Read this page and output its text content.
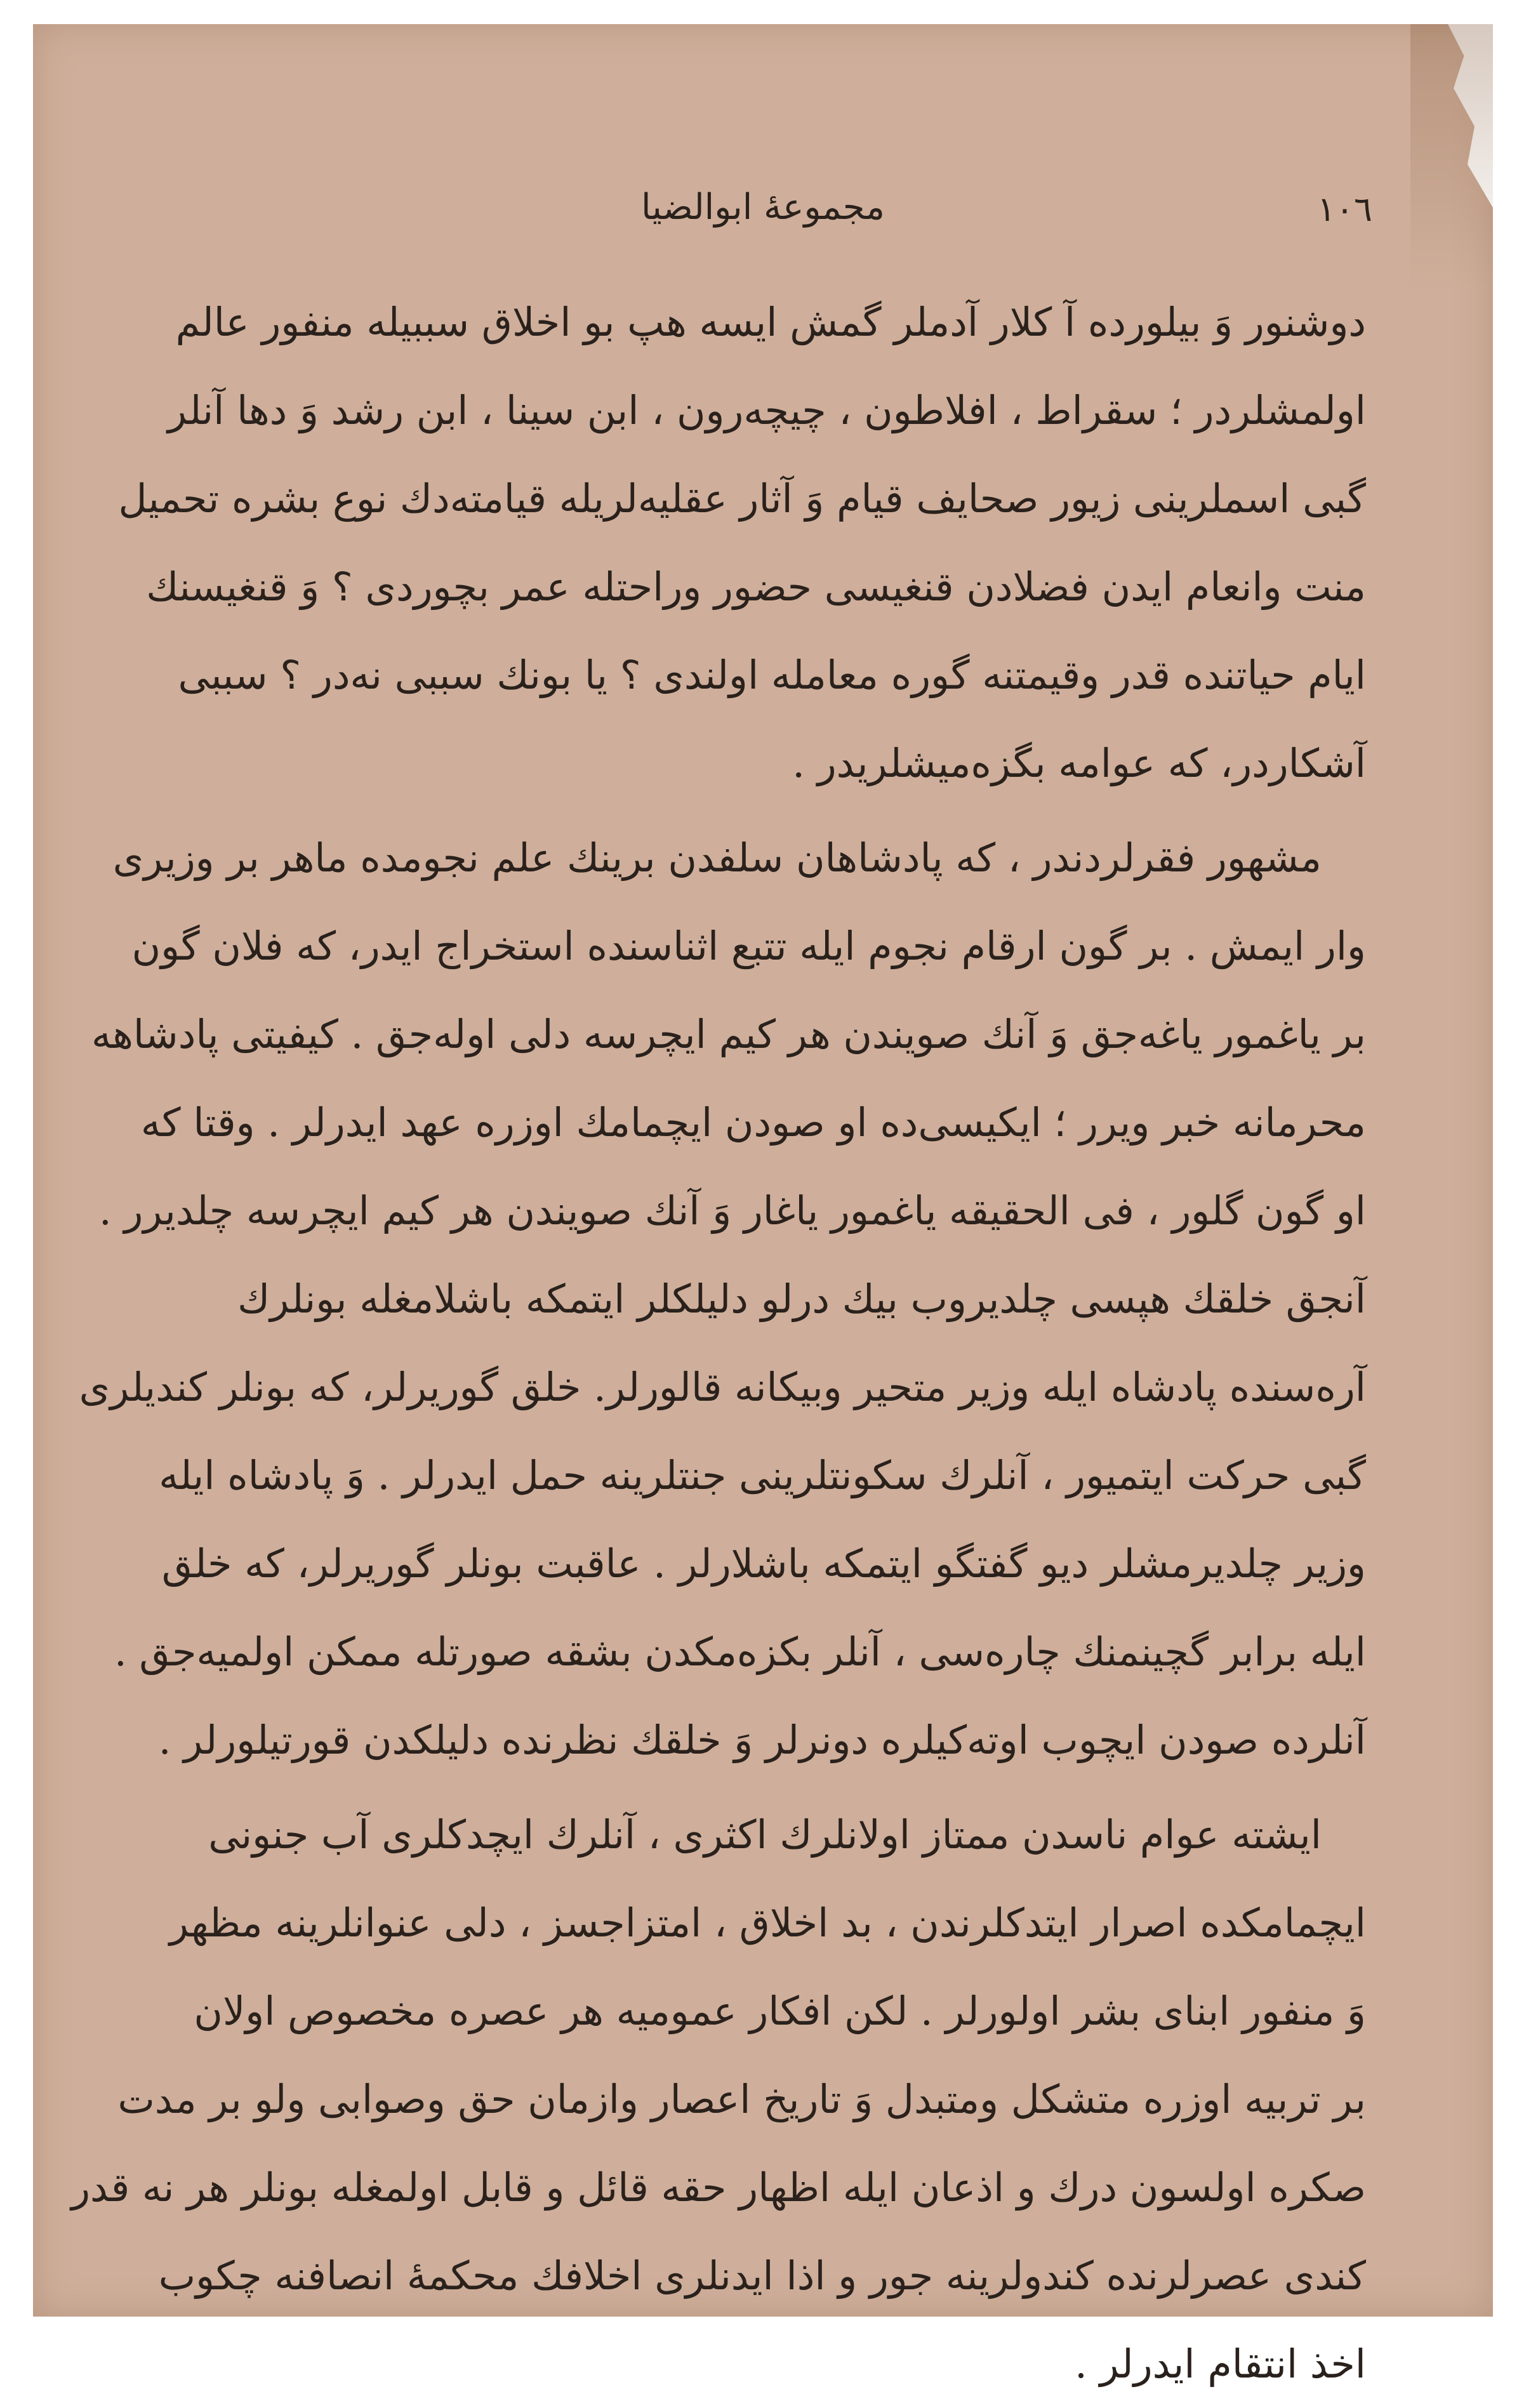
١٠٦
مجموعهٔ ابوالضیا

دوشنور وَ بیلورده آ کلار آدملر گمش ایسه هپ بو اخلاق سببیله منفور عالم
اولمشلردر ؛ سقراط ، افلاطون ، چیچه‌رون ، ابن سینا ، ابن رشد وَ دها آنلر
گبی اسملرینی زیور صحایف قیام وَ آثار عقلیه‌لریله قیامته‌دك نوع بشره تحمیل
منت وانعام ایدن فضلادن قنغیسی حضور وراحتله عمر بچوردی ؟ وَ قنغیسنك
ایام حیاتنده قدر وقیمتنه گوره معامله اولندی ؟ یا بونك سببی نه‌در ؟ سببی
آشکاردر، که عوامه بگزه‌میشلریدر .

مشهور فقرلردندر ، که پادشاهان سلفدن برینك علم نجومده ماهر بر وزیری
وار ایمش . بر گون ارقام نجوم ایله تتبع اثناسنده استخراج ایدر، که فلان گون
بر یاغمور یاغه‌جق وَ آنك صویندن هر کیم ایچرسه دلی اوله‌جق . کیفیتی پادشاهه
محرمانه خبر ویرر ؛ ایکیسی‌ده او صودن ایچمامك اوزره عهد ایدرلر . وقتا که
او گون گلور ، فی الحقیقه یاغمور یاغار وَ آنك صویندن هر کیم ایچرسه چلدیرر .
آنجق خلقك هپسی چلدیروب بیك درلو دلیلکلر ایتمکه باشلامغله بونلرك
آره‌سنده پادشاه ایله وزیر متحیر وبیکانه قالورلر. خلق گوریرلر، که بونلر کندیلری
گبی حرکت ایتمیور ، آنلرك سکونتلرینی جنتلرینه حمل ایدرلر . وَ پادشاه ایله
وزیر چلدیرمشلر دیو گفتگو ایتمکه باشلارلر . عاقبت بونلر گوریرلر، که خلق
ایله برابر گچینمنك چاره‌سی ، آنلر بکزه‌مکدن بشقه صورتله ممکن اولمیه‌جق .
آنلرده صودن ایچوب اوته‌کیلره دونرلر وَ خلقك نظرنده دلیلکدن قورتیلورلر .

ایشته عوام ناسدن ممتاز اولانلرك اکثری ، آنلرك ایچدکلری آب جنونی
ایچمامکده اصرار ایتدکلرندن ، بد اخلاق ، امتزاجسز ، دلی عنوانلرینه مظهر
وَ منفور ابنای بشر اولورلر . لکن افکار عمومیه هر عصره مخصوص اولان
بر تربیه اوزره متشکل ومتبدل وَ تاریخ اعصار وازمان حق وصوابی ولو بر مدت
صکره اولسون درك و اذعان ایله اظهار حقه قائل و قابل اولمغله بونلر هر نه قدر
کندی عصرلرنده کندولرینه جور و اذا ایدنلری اخلافك محکمهٔ انصافنه چکوب
اخذ انتقام ایدرلر .
